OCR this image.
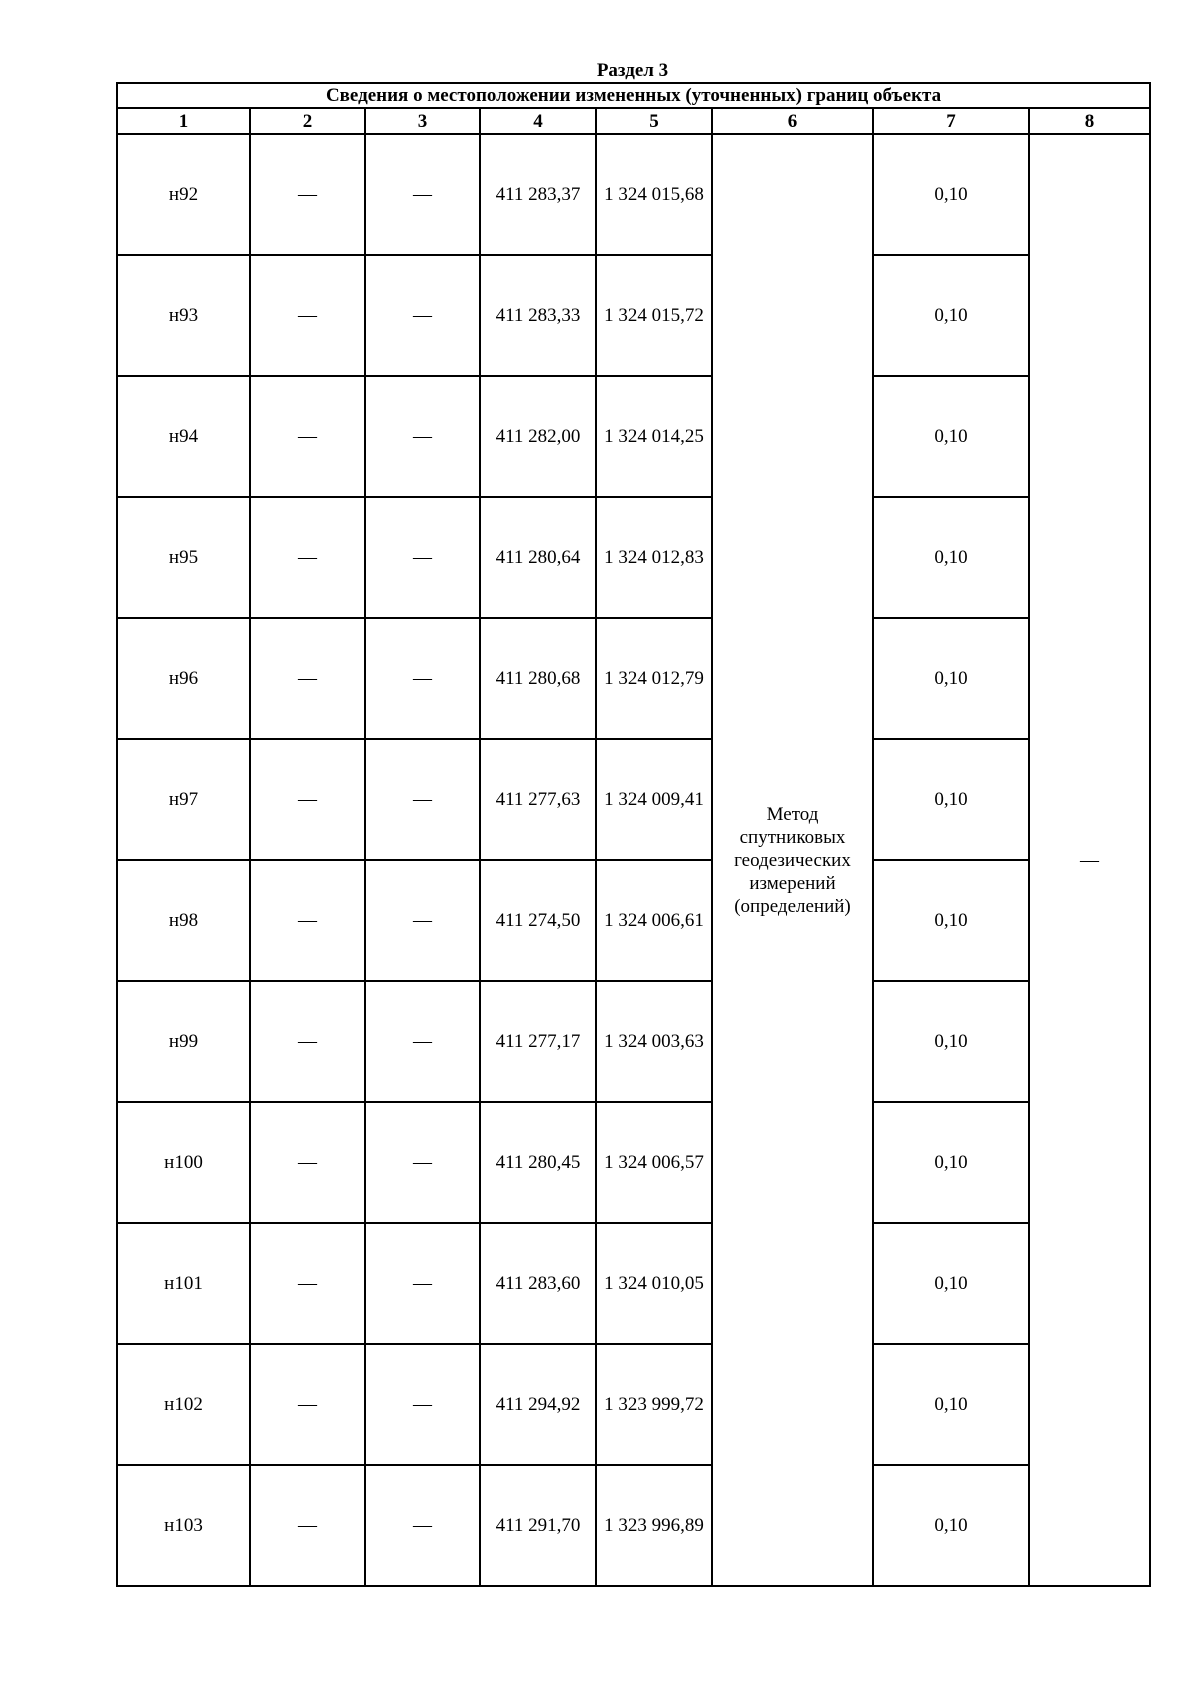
Раздел 3
Сведения о местоположении измененных (уточненных) границ объекта							
1	2	3	4	5	6	7	8
н92	—	—	411 283,37	1 324 015,68	Метод спутниковых геодезических измерений (определений)	0,10	—
н93	—	—	411 283,33	1 324 015,72		0,10	
н94	—	—	411 282,00	1 324 014,25		0,10	
н95	—	—	411 280,64	1 324 012,83		0,10	
н96	—	—	411 280,68	1 324 012,79		0,10	
н97	—	—	411 277,63	1 324 009,41		0,10	
н98	—	—	411 274,50	1 324 006,61		0,10	
н99	—	—	411 277,17	1 324 003,63		0,10	
н100	—	—	411 280,45	1 324 006,57		0,10	
н101	—	—	411 283,60	1 324 010,05		0,10	
н102	—	—	411 294,92	1 323 999,72		0,10	
н103	—	—	411 291,70	1 323 996,89		0,10	
